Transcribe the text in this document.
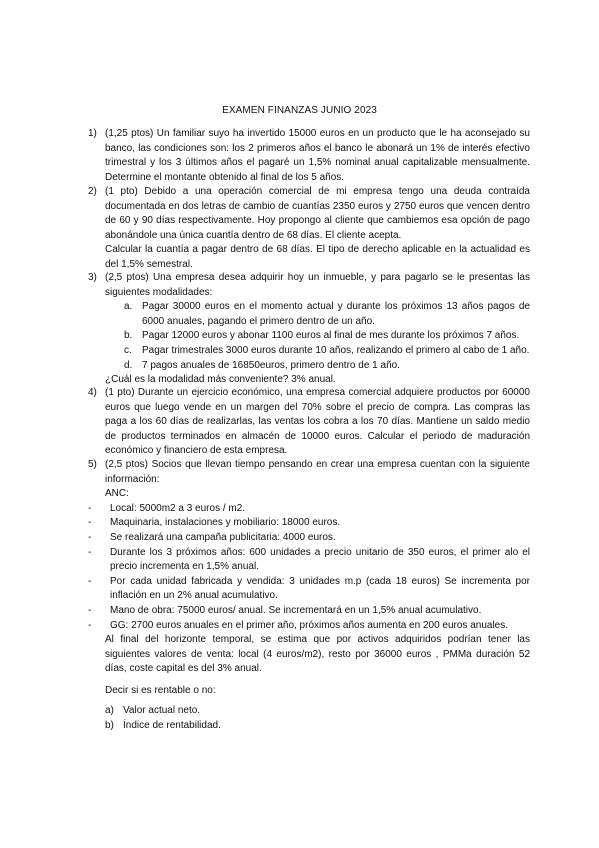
EXAMEN FINANZAS JUNIO 2023
1) (1,25 ptos) Un familiar suyo ha invertido 15000 euros en un producto que le ha aconsejado su banco, las condiciones son: los 2 primeros años el banco le abonará un 1% de interés efectivo trimestral y los 3 últimos años el pagaré un 1,5% nominal anual capitalizable mensualmente. Determine el montante obtenido al final de los 5 años.

2) (1 pto) Debido a una operación comercial de mi empresa tengo una deuda contraída documentada en dos letras de cambio de cuantías 2350 euros y 2750 euros que vencen dentro de 60 y 90 días respectivamente. Hoy propongo al cliente que cambiemos esa opción de pago abonándole una única cuantía dentro de 68 días. El cliente acepta.

Calcular la cuantía a pagar dentro de 68 días. El tipo de derecho aplicable en la actualidad es del 1,5% semestral.

3) (2,5 ptos) Una empresa desea adquirir hoy un inmueble, y para pagarlo se le presentas las siguientes modalidades:

a. Pagar 30000 euros en el momento actual y durante los próximos 13 años pagos de 6000 anuales, pagando el primero dentro de un año.
b. Pagar 12000 euros y abonar 1100 euros al final de mes durante los próximos 7 años.
c. Pagar trimestrales 3000 euros durante 10 años, realizando el primero al cabo de 1 año.
d. 7 pagos anuales de 16850euros, primero dentro de 1 año.

¿Cuál es la modalidad más conveniente? 3% anual.

4) (1 pto) Durante un ejercicio económico, una empresa comercial adquiere productos por 60000 euros que luego vende en un margen del 70% sobre el precio de compra. Las compras las paga a los 60 días de realizarlas, las ventas los cobra a los 70 días. Mantiene un saldo medio de productos terminados en almacén de 10000 euros. Calcular el periodo de maduración económico y financiero de esta empresa.

5) (2,5 ptos) Socios que llevan tiempo pensando en crear una empresa cuentan con la siguiente información:

ANC:

- Local: 5000m2 a 3 euros / m2.
- Maquinaria, instalaciones y mobiliario: 18000 euros.
- Se realizará una campaña publicitaria: 4000 euros.
- Durante los 3 próximos años: 600 unidades a precio unitario de 350 euros, el primer alo el precio incrementa en 1,5% anual.
- Por cada unidad fabricada y vendida: 3 unidades m.p (cada 18 euros) Se incrementa por inflación en un 2% anual acumulativo.
- Mano de obra: 75000 euros/ anual. Se incrementará en un 1,5% anual acumulativo.
- GG: 2700 euros anuales en el primer año, próximos años aumenta en 200 euros anuales.
Al final del horizonte temporal, se estima que por activos adquiridos podrían tener las siguientes valores de venta: local (4 euros/m2), resto por 36000 euros , PMMa duración 52 días, coste capital es del 3% anual.
Decir si es rentable o no:
a) Valor actual neto.
b) Índice de rentabilidad.
